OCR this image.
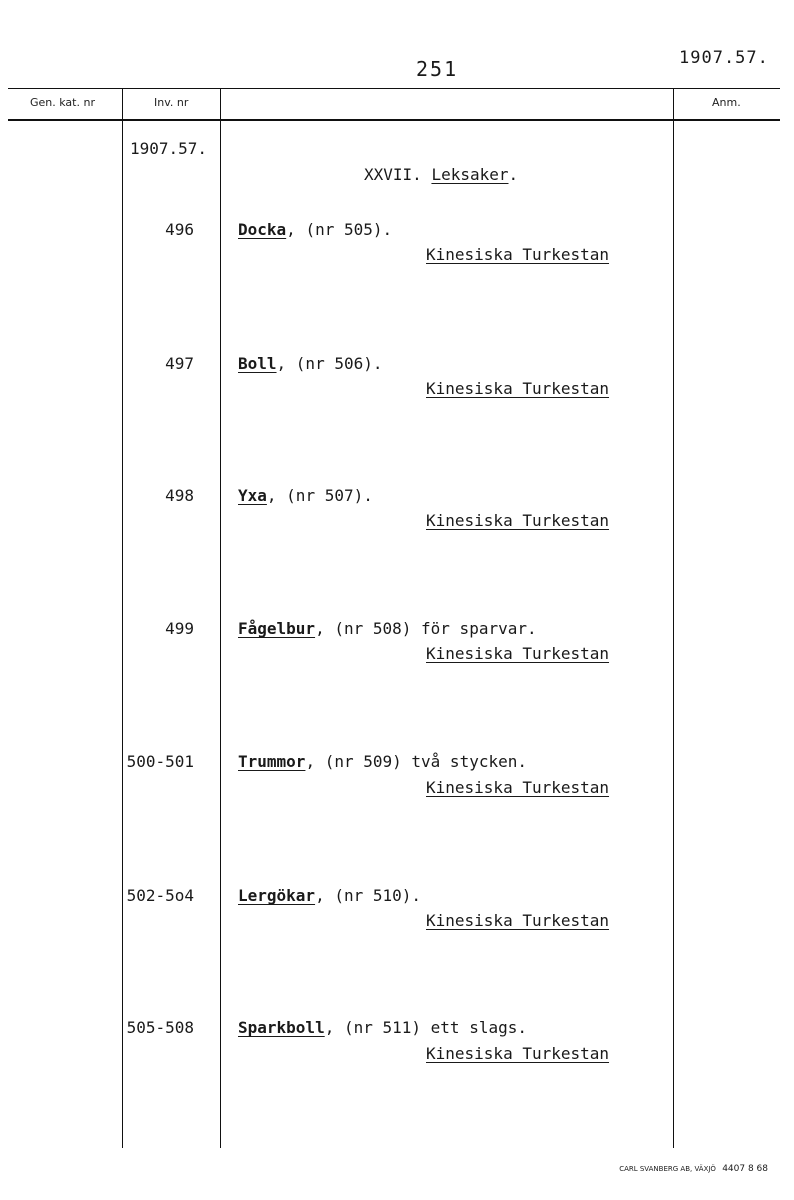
251	1907.57.
Gen. kat. nr	Inv. nr	Anm.
1907.57.
XXVII. Leksaker.
496	Docka, (nr 505).
Kinesiska Turkestan
497	Boll, (nr 506).
Kinesiska Turkestan
498	Yxa, (nr 507).
Kinesiska Turkestan
499	Fågelbur, (nr 508) för sparvar.
Kinesiska Turkestan
500-501	Trummor, (nr 509) två stycken.
Kinesiska Turkestan
502-5o4	Lergökar, (nr 510).
Kinesiska Turkestan
505-508	Sparkboll, (nr 511) ett slags.
Kinesiska Turkestan
CARL SVANBERG AB, VÄXJÖ 4407 8 68
